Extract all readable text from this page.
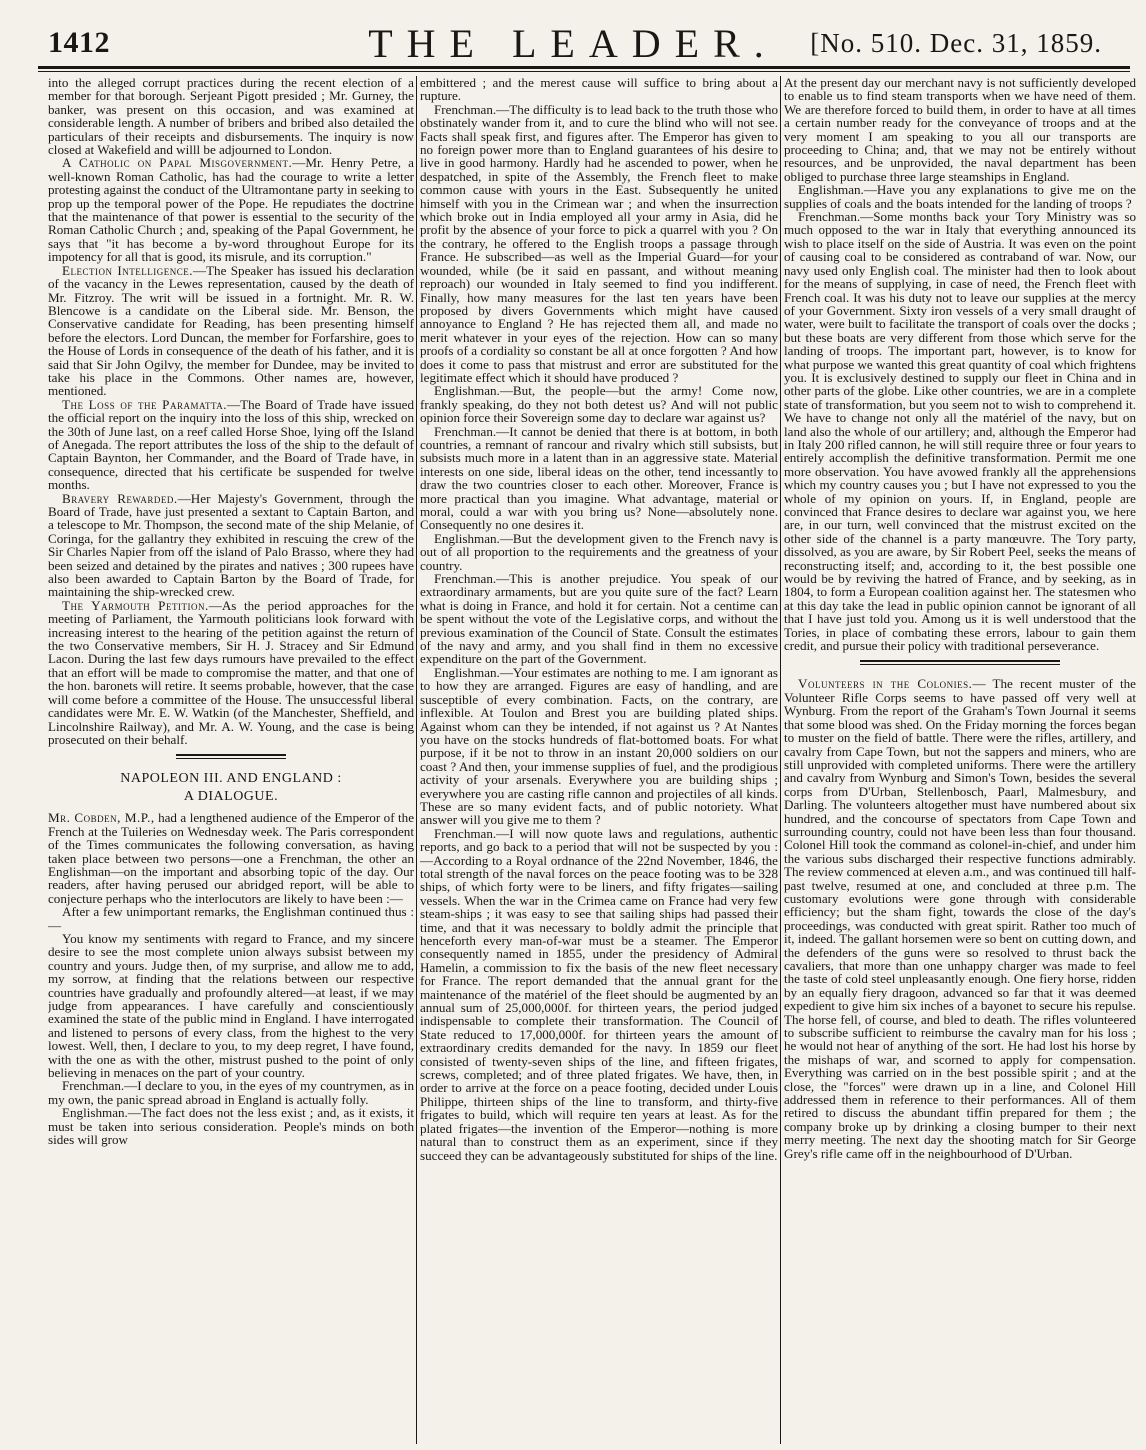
1412	THE LEADER.	[No. 510. Dec. 31, 1859.

into the alleged corrupt practices during the recent election of a member for that borough. Serjeant Pigott presided ; Mr. Gurney, the banker, was present on this occasion, and was examined at considerable length. A number of bribers and bribed also detailed the particulars of their receipts and disbursements. The inquiry is now closed at Wakefield and willl be adjourned to London.

A Catholic on Papal Misgovernment.—Mr. Henry Petre, a well-known Roman Catholic, has had the courage to write a letter protesting against the conduct of the Ultramontane party in seeking to prop up the temporal power of the Pope. He repudiates the doctrine that the maintenance of that power is essential to the security of the Roman Catholic Church ; and, speaking of the Papal Government, he says that "it has become a by-word throughout Europe for its impotency for all that is good, its misrule, and its corruption."

Election Intelligence.—The Speaker has issued his declaration of the vacancy in the Lewes representation, caused by the death of Mr. Fitzroy. The writ will be issued in a fortnight. Mr. R. W. Blencowe is a candidate on the Liberal side. Mr. Benson, the Conservative candidate for Reading, has been presenting himself before the electors. Lord Duncan, the member for Forfarshire, goes to the House of Lords in consequence of the death of his father, and it is said that Sir John Ogilvy, the member for Dundee, may be invited to take his place in the Commons. Other names are, however, mentioned.

The Loss of the Paramatta.—The Board of Trade have issued the official report on the inquiry into the loss of this ship, wrecked on the 30th of June last, on a reef called Horse Shoe, lying off the Island of Anegada. The report attributes the loss of the ship to the default of Captain Baynton, her Commander, and the Board of Trade have, in consequence, directed that his certificate be suspended for twelve months.

Bravery Rewarded.—Her Majesty's Government, through the Board of Trade, have just presented a sextant to Captain Barton, and a telescope to Mr. Thompson, the second mate of the ship Melanie, of Coringa, for the gallantry they exhibited in rescuing the crew of the Sir Charles Napier from off the island of Palo Brasso, where they had been seized and detained by the pirates and natives ; 300 rupees have also been awarded to Captain Barton by the Board of Trade, for maintaining the ship-wrecked crew.

The Yarmouth Petition.—As the period approaches for the meeting of Parliament, the Yarmouth politicians look forward with increasing interest to the hearing of the petition against the return of the two Conservative members, Sir H. J. Stracey and Sir Edmund Lacon. During the last few days rumours have prevailed to the effect that an effort will be made to compromise the matter, and that one of the hon. baronets will retire. It seems probable, however, that the case will come before a committee of the House. The unsuccessful liberal candidates were Mr. E. W. Watkin (of the Manchester, Sheffield, and Lincolnshire Railway), and Mr. A. W. Young, and the case is being prosecuted on their behalf.

NAPOLEON III. AND ENGLAND :
A DIALOGUE.

Mr. Cobden, M.P., had a lengthened audience of the Emperor of the French at the Tuileries on Wednesday week. The Paris correspondent of the Times communicates the following conversation, as having taken place between two persons—one a Frenchman, the other an Englishman—on the important and absorbing topic of the day. Our readers, after having perused our abridged report, will be able to conjecture perhaps who the interlocutors are likely to have been :—

After a few unimportant remarks, the Englishman continued thus :—

You know my sentiments with regard to France, and my sincere desire to see the most complete union always subsist between my country and yours. Judge then, of my surprise, and allow me to add, my sorrow, at finding that the relations between our respective countries have gradually and profoundly altered—at least, if we may judge from appearances. I have carefully and conscientiously examined the state of the public mind in England. I have interrogated and listened to persons of every class, from the highest to the very lowest. Well, then, I declare to you, to my deep regret, I have found, with the one as with the other, mistrust pushed to the point of only believing in menaces on the part of your country.

Frenchman.—I declare to you, in the eyes of my countrymen, as in my own, the panic spread abroad in England is actually folly.

Englishman.—The fact does not the less exist ; and, as it exists, it must be taken into serious consideration. People's minds on both sides will grow

embittered ; and the merest cause will suffice to bring about a rupture.

Frenchman.—The difficulty is to lead back to the truth those who obstinately wander from it, and to cure the blind who will not see. Facts shall speak first, and figures after. The Emperor has given to no foreign power more than to England guarantees of his desire to live in good harmony. Hardly had he ascended to power, when he despatched, in spite of the Assembly, the French fleet to make common cause with yours in the East. Subsequently he united himself with you in the Crimean war ; and when the insurrection which broke out in India employed all your army in Asia, did he profit by the absence of your force to pick a quarrel with you ? On the contrary, he offered to the English troops a passage through France. He subscribed—as well as the Imperial Guard—for your wounded, while (be it said en passant, and without meaning reproach) our wounded in Italy seemed to find you indifferent. Finally, how many measures for the last ten years have been proposed by divers Governments which might have caused annoyance to England ? He has rejected them all, and made no merit whatever in your eyes of the rejection. How can so many proofs of a cordiality so constant be all at once forgotten ? And how does it come to pass that mistrust and error are substituted for the legitimate effect which it should have produced ?

Englishman.—But, the people—but the army! Come now, frankly speaking, do they not both detest us? And will not public opinion force their Sovereign some day to declare war against us?

Frenchman.—It cannot be denied that there is at bottom, in both countries, a remnant of rancour and rivalry which still subsists, but subsists much more in a latent than in an aggressive state. Material interests on one side, liberal ideas on the other, tend incessantly to draw the two countries closer to each other. Moreover, France is more practical than you imagine. What advantage, material or moral, could a war with you bring us? None—absolutely none. Consequently no one desires it.

Englishman.—But the development given to the French navy is out of all proportion to the requirements and the greatness of your country.

Frenchman.—This is another prejudice. You speak of our extraordinary armaments, but are you quite sure of the fact? Learn what is doing in France, and hold it for certain. Not a centime can be spent without the vote of the Legislative corps, and without the previous examination of the Council of State. Consult the estimates of the navy and army, and you shall find in them no excessive expenditure on the part of the Government.

Englishman.—Your estimates are nothing to me. I am ignorant as to how they are arranged. Figures are easy of handling, and are susceptible of every combination. Facts, on the contrary, are inflexible. At Toulon and Brest you are building plated ships. Against whom can they be intended, if not against us ? At Nantes you have on the stocks hundreds of flat-bottomed boats. For what purpose, if it be not to throw in an instant 20,000 soldiers on our coast ? And then, your immense supplies of fuel, and the prodigious activity of your arsenals. Everywhere you are building ships ; everywhere you are casting rifle cannon and projectiles of all kinds. These are so many evident facts, and of public notoriety. What answer will you give me to them ?

Frenchman.—I will now quote laws and regulations, authentic reports, and go back to a period that will not be suspected by you :—According to a Royal ordnance of the 22nd November, 1846, the total strength of the naval forces on the peace footing was to be 328 ships, of which forty were to be liners, and fifty frigates—sailing vessels. When the war in the Crimea came on France had very few steam-ships ; it was easy to see that sailing ships had passed their time, and that it was necessary to boldly admit the principle that henceforth every man-of-war must be a steamer. The Emperor consequently named in 1855, under the presidency of Admiral Hamelin, a commission to fix the basis of the new fleet necessary for France. The report demanded that the annual grant for the maintenance of the matériel of the fleet should be augmented by an annual sum of 25,000,000f. for thirteen years, the period judged indispensable to complete their transformation. The Council of State reduced to 17,000,000f. for thirteen years the amount of extraordinary credits demanded for the navy. In 1859 our fleet consisted of twenty-seven ships of the line, and fifteen frigates, screws, completed; and of three plated frigates. We have, then, in order to arrive at the force on a peace footing, decided under Louis Philippe, thirteen ships of the line to transform, and thirty-five frigates to build, which will require ten years at least. As for the plated frigates—the invention of the Emperor—nothing is more natural than to construct them as an experiment, since if they succeed they can be advantageously substituted for ships of the line.

At the present day our merchant navy is not sufficiently developed to enable us to find steam transports when we have need of them. We are therefore forced to build them, in order to have at all times a certain number ready for the conveyance of troops and at the very moment I am speaking to you all our transports are proceeding to China; and, that we may not be entirely without resources, and be unprovided, the naval department has been obliged to purchase three large steamships in England.

Englishman.—Have you any explanations to give me on the supplies of coals and the boats intended for the landing of troops ?

Frenchman.—Some months back your Tory Ministry was so much opposed to the war in Italy that everything announced its wish to place itself on the side of Austria. It was even on the point of causing coal to be considered as contraband of war. Now, our navy used only English coal. The minister had then to look about for the means of supplying, in case of need, the French fleet with French coal. It was his duty not to leave our supplies at the mercy of your Government. Sixty iron vessels of a very small draught of water, were built to facilitate the transport of coals over the docks ; but these boats are very different from those which serve for the landing of troops. The important part, however, is to know for what purpose we wanted this great quantity of coal which frightens you. It is exclusively destined to supply our fleet in China and in other parts of the globe. Like other countries, we are in a complete state of transformation, but you seem not to wish to comprehend it. We have to change not only all the matériel of the navy, but on land also the whole of our artillery; and, although the Emperor had in Italy 200 rifled cannon, he will still require three or four years to entirely accomplish the definitive transformation. Permit me one more observation. You have avowed frankly all the apprehensions which my country causes you ; but I have not expressed to you the whole of my opinion on yours. If, in England, people are convinced that France desires to declare war against you, we here are, in our turn, well convinced that the mistrust excited on the other side of the channel is a party manœuvre. The Tory party, dissolved, as you are aware, by Sir Robert Peel, seeks the means of reconstructing itself; and, according to it, the best possible one would be by reviving the hatred of France, and by seeking, as in 1804, to form a European coalition against her. The statesmen who at this day take the lead in public opinion cannot be ignorant of all that I have just told you. Among us it is well understood that the Tories, in place of combating these errors, labour to gain them credit, and pursue their policy with traditional perseverance.

Volunteers in the Colonies.— The recent muster of the Volunteer Rifle Corps seems to have passed off very well at Wynburg. From the report of the Graham's Town Journal it seems that some blood was shed. On the Friday morning the forces began to muster on the field of battle. There were the rifles, artillery, and cavalry from Cape Town, but not the sappers and miners, who are still unprovided with completed uniforms. There were the artillery and cavalry from Wynburg and Simon's Town, besides the several corps from D'Urban, Stellenbosch, Paarl, Malmesbury, and Darling. The volunteers altogether must have numbered about six hundred, and the concourse of spectators from Cape Town and surrounding country, could not have been less than four thousand. Colonel Hill took the command as colonel-in-chief, and under him the various subs discharged their respective functions admirably. The review commenced at eleven a.m., and was continued till half-past twelve, resumed at one, and concluded at three p.m. The customary evolutions were gone through with considerable efficiency; but the sham fight, towards the close of the day's proceedings, was conducted with great spirit. Rather too much of it, indeed. The gallant horsemen were so bent on cutting down, and the defenders of the guns were so resolved to thrust back the cavaliers, that more than one unhappy charger was made to feel the taste of cold steel unpleasantly enough. One fiery horse, ridden by an equally fiery dragoon, advanced so far that it was deemed expedient to give him six inches of a bayonet to secure his repulse. The horse fell, of course, and bled to death. The rifles volunteered to subscribe sufficient to reimburse the cavalry man for his loss ; he would not hear of anything of the sort. He had lost his horse by the mishaps of war, and scorned to apply for compensation. Everything was carried on in the best possible spirit ; and at the close, the "forces" were drawn up in a line, and Colonel Hill addressed them in reference to their performances. All of them retired to discuss the abundant tiffin prepared for them ; the company broke up by drinking a closing bumper to their next merry meeting. The next day the shooting match for Sir George Grey's rifle came off in the neighbourhood of D'Urban.
